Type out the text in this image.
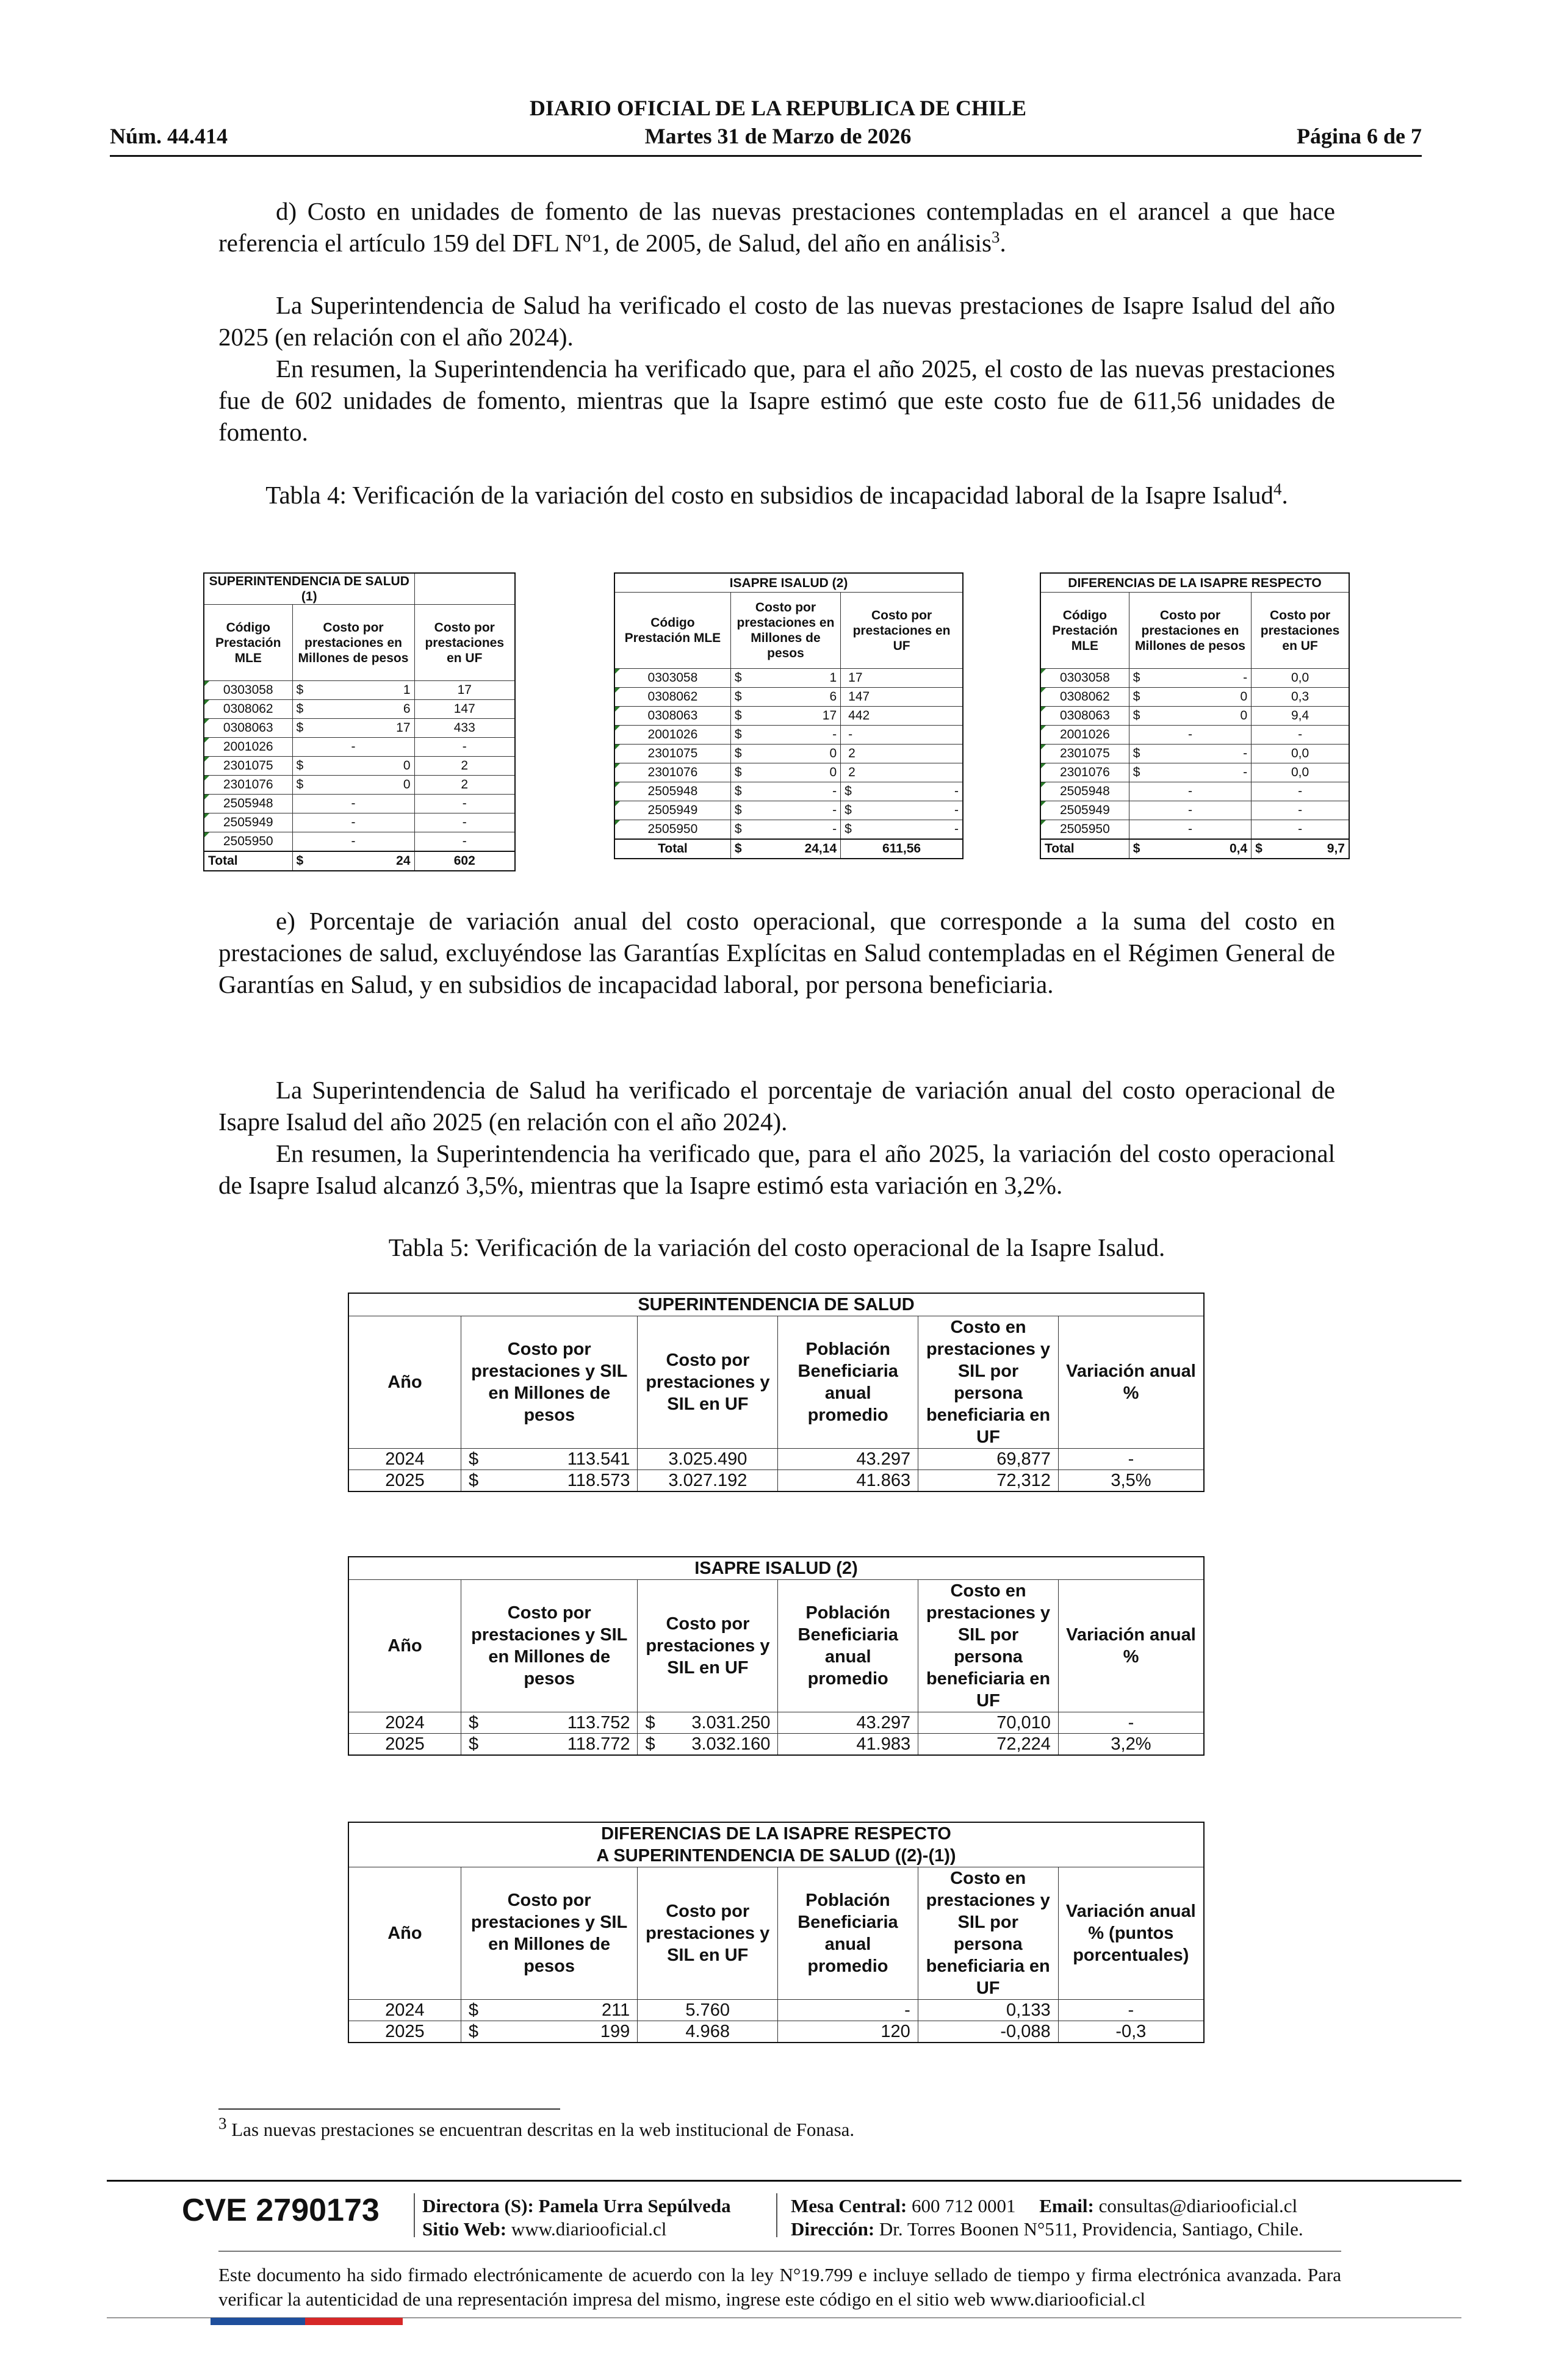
DIARIO OFICIAL DE LA REPUBLICA DE CHILE
Núm. 44.414	Martes 31 de Marzo de 2026	Página 6 de 7
d) Costo en unidades de fomento de las nuevas prestaciones contempladas en el arancel a que hace referencia el artículo 159 del DFL Nº1, de 2005, de Salud, del año en análisis$^3$.
La Superintendencia de Salud ha verificado el costo de las nuevas prestaciones de Isapre Isalud del año 2025 (en relación con el año 2024).
En resumen, la Superintendencia ha verificado que, para el año 2025, el costo de las nuevas prestaciones fue de 602 unidades de fomento, mientras que la Isapre estimó que este costo fue de 611,56 unidades de fomento.
Tabla 4: Verificación de la variación del costo en subsidios de incapacidad laboral de la Isapre Isalud$^4$.
SUPERINTENDENCIA DE SALUD (1)		
Código Prestación MLE	Costo por prestaciones en Millones de pesos	Costo por prestaciones en UF
0303058	$ 1	17
0308062	$ 6	147
0308063	$ 17	433
2001026	-	-
2301075	$ 0	2
2301076	$ 0	2
2505948	-	-
2505949	-	-
2505950	-	-
Total	$ 24	602
ISAPRE ISALUD (2)		
Código Prestación MLE	Costo por prestaciones en Millones de pesos	Costo por prestaciones en UF
0303058	$ 1	17
0308062	$ 6	147
0308063	$ 17	442
2001026	$ -	-
2301075	$ 0	2
2301076	$ 0	2
2505948	$ -	$ -

2505949	$ -	$ -

2505950	$ -	$ -

Total	$ 24,14	611,56
DIFERENCIAS DE LA ISAPRE RESPECTO		
Código Prestación MLE	Costo por prestaciones en Millones de pesos	Costo por prestaciones en UF
0303058	$ -	0,0
0308062	$ 0	0,3
0308063	$ 0	9,4
2001026	-	-
2301075	$ -	0,0
2301076	$ -	0,0
2505948	-	-
2505949	-	-
2505950	-	-
Total	$ 0,4	$ 9,7
e) Porcentaje de variación anual del costo operacional, que corresponde a la suma del costo en prestaciones de salud, excluyéndose las Garantías Explícitas en Salud contempladas en el Régimen General de Garantías en Salud, y en subsidios de incapacidad laboral, por persona beneficiaria.
La Superintendencia de Salud ha verificado el porcentaje de variación anual del costo operacional de Isapre Isalud del año 2025 (en relación con el año 2024).
En resumen, la Superintendencia ha verificado que, para el año 2025, la variación del costo operacional de Isapre Isalud alcanzó 3,5%, mientras que la Isapre estimó esta variación en 3,2%.
Tabla 5: Verificación de la variación del costo operacional de la Isapre Isalud.
SUPERINTENDENCIA DE SALUD					
Año	Costo por prestaciones y SIL en Millones de pesos	Costo por prestaciones y SIL en UF	Población Beneficiaria anual promedio	Costo en prestaciones y SIL por persona beneficiaria en UF	Variación anual %
2024	$ 113.541	3.025.490	43.297	69,877	-
2025	$ 118.573	3.027.192	41.863	72,312	3,5%
ISAPRE ISALUD (2)					
Año	Costo por prestaciones y SIL en Millones de pesos	Costo por prestaciones y SIL en UF	Población Beneficiaria anual promedio	Costo en prestaciones y SIL por persona beneficiaria en UF	Variación anual %
2024	$ 113.752	$ 3.031.250	43.297	70,010	-
2025	$ 118.772	$ 3.032.160	41.983	72,224	3,2%
DIFERENCIAS DE LA ISAPRE RESPECTO
A SUPERINTENDENCIA DE SALUD ((2)-(1))					
Año	Costo por prestaciones y SIL en Millones de pesos	Costo por prestaciones y SIL en UF	Población Beneficiaria anual promedio	Costo en prestaciones y SIL por persona beneficiaria en UF	Variación anual % (puntos porcentuales)
2024	$ 211	5.760	-	0,133	-
2025	$ 199	4.968	120	-0,088	-0,3
3 Las nuevas prestaciones se encuentran descritas en la web institucional de Fonasa.
CVE 2790173 Directora (S): Pamela Urra Sepúlveda
Sitio Web: www.diariooficial.cl
Mesa Central: 600 712 0001 Email: consultas@diariooficial.cl
Dirección: Dr. Torres Boonen N°511, Providencia, Santiago, Chile.
Este documento ha sido firmado electrónicamente de acuerdo con la ley N°19.799 e incluye sellado de tiempo y firma electrónica avanzada. Para verificar la autenticidad de una representación impresa del mismo, ingrese este código en el sitio web www.diariooficial.cl
